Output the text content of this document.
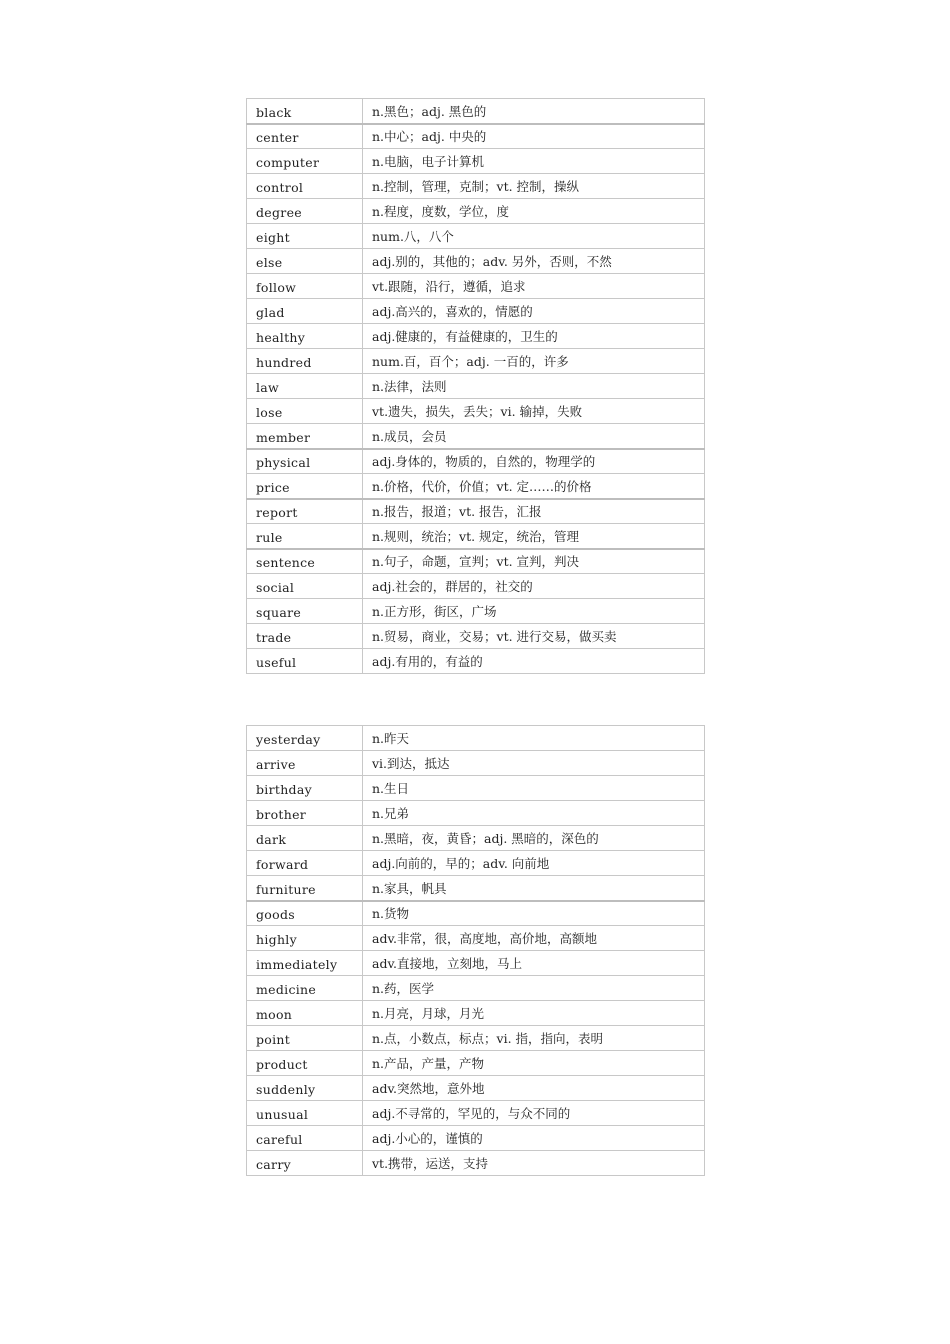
black	n.黑色；adj. 黑色的
center	n.中心；adj. 中央的
computer	n.电脑，电子计算机
control	n.控制，管理，克制；vt. 控制，操纵
degree	n.程度，度数，学位，度
eight	num.八，八个
else	adj.别的，其他的；adv. 另外，否则，不然
follow	vt.跟随，沿行，遵循，追求
glad	adj.高兴的，喜欢的，情愿的
healthy	adj.健康的，有益健康的，卫生的
hundred	num.百，百个；adj. 一百的，许多
law	n.法律，法则
lose	vt.遗失，损失，丢失；vi. 输掉，失败
member	n.成员，会员
physical	adj.身体的，物质的，自然的，物理学的
price	n.价格，代价，价值；vt. 定……的价格
report	n.报告，报道；vt. 报告，汇报
rule	n.规则，统治；vt. 规定，统治，管理
sentence	n.句子，命题，宣判；vt. 宣判，判决
social	adj.社会的，群居的，社交的
square	n.正方形，街区，广场
trade	n.贸易，商业，交易；vt. 进行交易，做买卖
useful	adj.有用的，有益的
yesterday	n.昨天
arrive	vi.到达，抵达
birthday	n.生日
brother	n.兄弟
dark	n.黑暗，夜，黄昏；adj. 黑暗的，深色的
forward	adj.向前的，早的；adv. 向前地
furniture	n.家具，帆具
goods	n.货物
highly	adv.非常，很，高度地，高价地，高额地
immediately	adv.直接地，立刻地，马上
medicine	n.药，医学
moon	n.月亮，月球，月光
point	n.点，小数点，标点；vi. 指，指向，表明
product	n.产品，产量，产物
suddenly	adv.突然地，意外地
unusual	adj.不寻常的，罕见的，与众不同的
careful	adj.小心的，谨慎的
carry	vt.携带，运送，支持
